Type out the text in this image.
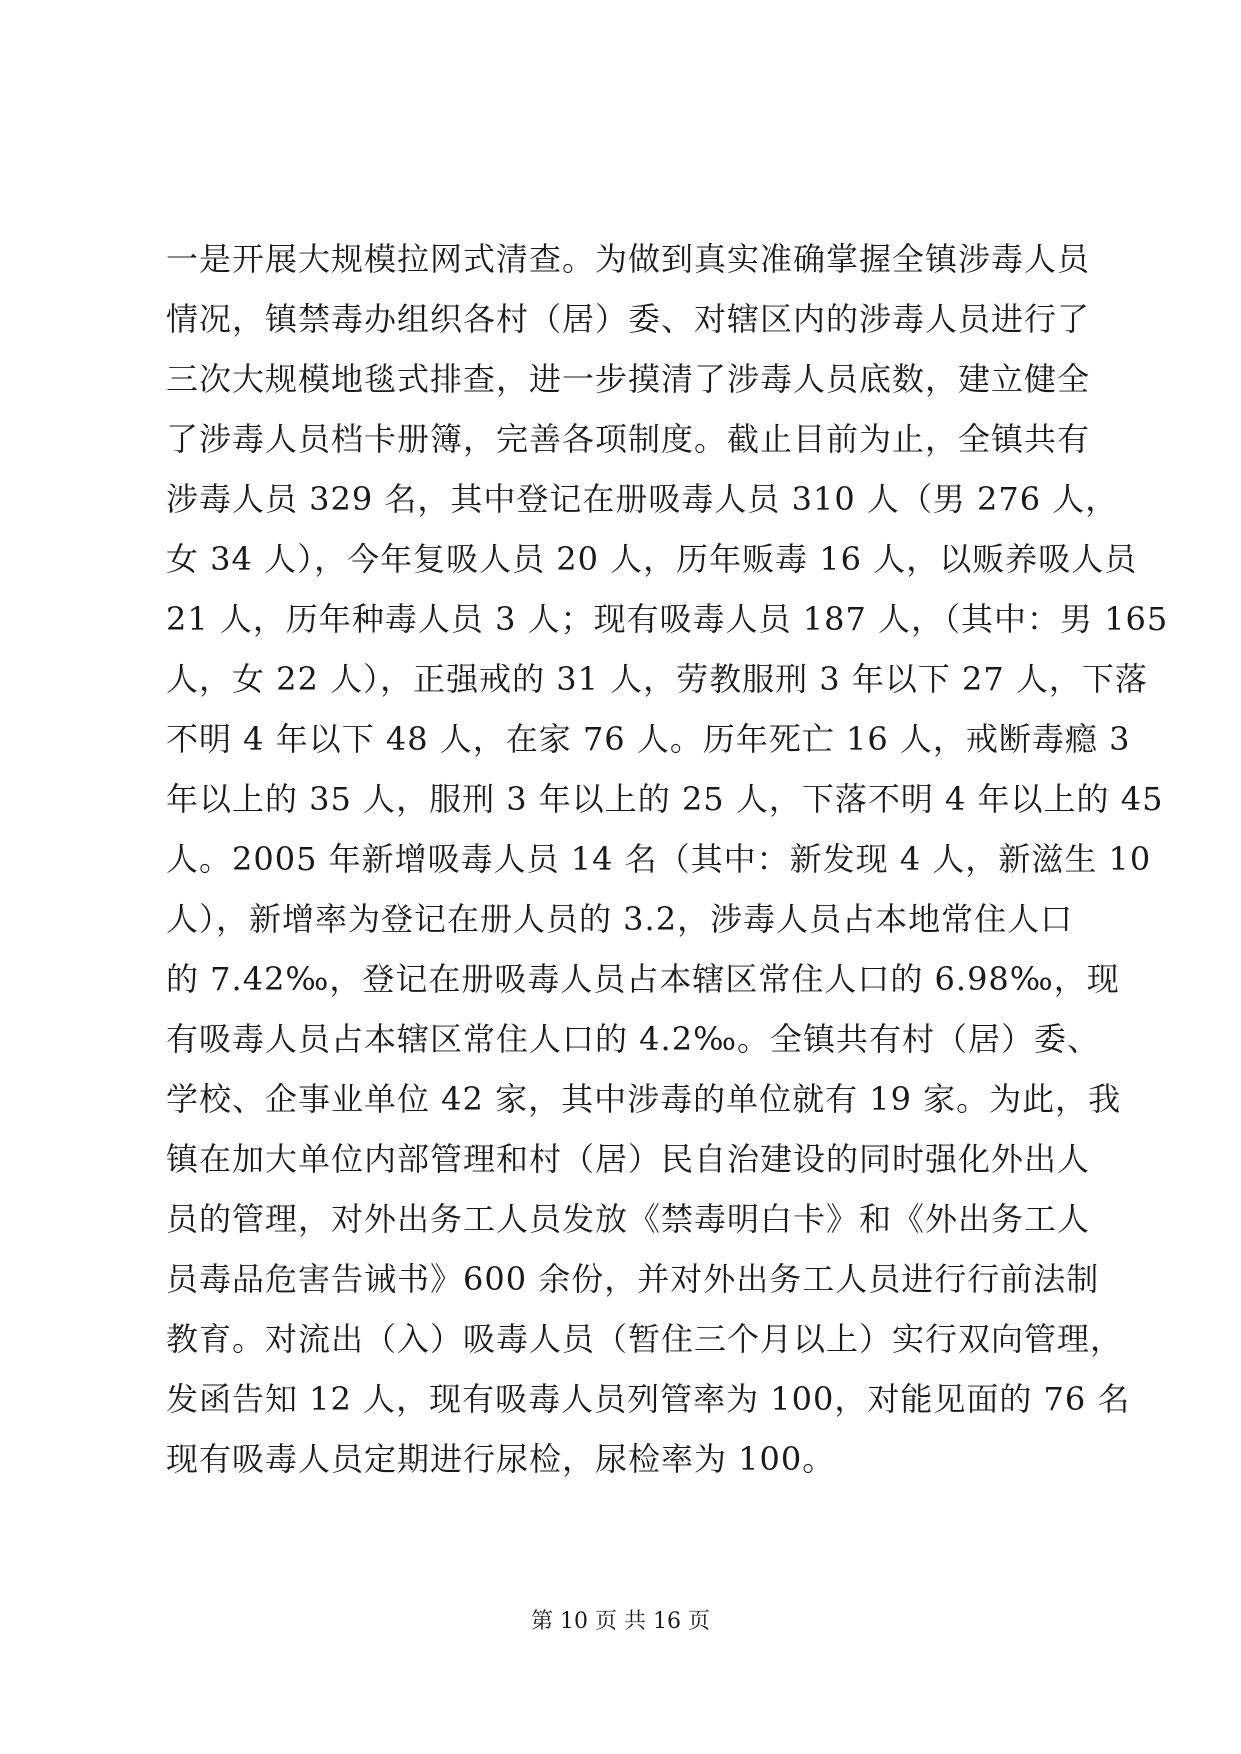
一是开展大规模拉网式清查。为做到真实准确掌握全镇涉毒人员
情况，镇禁毒办组织各村（居）委、对辖区内的涉毒人员进行了
三次大规模地毯式排查，进一步摸清了涉毒人员底数，建立健全
了涉毒人员档卡册簿，完善各项制度。截止目前为止，全镇共有
涉毒人员 329 名，其中登记在册吸毒人员 310 人（男 276 人，
女 34 人），今年复吸人员 20 人，历年贩毒 16 人，以贩养吸人员
21 人，历年种毒人员 3 人；现有吸毒人员 187 人，（其中：男 165
人，女 22 人），正强戒的 31 人，劳教服刑 3 年以下 27 人，下落
不明 4 年以下 48 人，在家 76 人。历年死亡 16 人，戒断毒瘾 3
年以上的 35 人，服刑 3 年以上的 25 人，下落不明 4 年以上的 45
人。2005 年新增吸毒人员 14 名（其中：新发现 4 人，新滋生 10
人），新增率为登记在册人员的 3.2，涉毒人员占本地常住人口
的 7.42‰，登记在册吸毒人员占本辖区常住人口的 6.98‰，现
有吸毒人员占本辖区常住人口的 4.2‰。全镇共有村（居）委、
学校、企事业单位 42 家，其中涉毒的单位就有 19 家。为此，我
镇在加大单位内部管理和村（居）民自治建设的同时强化外出人
员的管理，对外出务工人员发放《禁毒明白卡》和《外出务工人
员毒品危害告诫书》600 余份，并对外出务工人员进行行前法制
教育。对流出（入）吸毒人员（暂住三个月以上）实行双向管理，
发函告知 12 人，现有吸毒人员列管率为 100，对能见面的 76 名
现有吸毒人员定期进行尿检，尿检率为 100。
第 10 页 共 16 页
